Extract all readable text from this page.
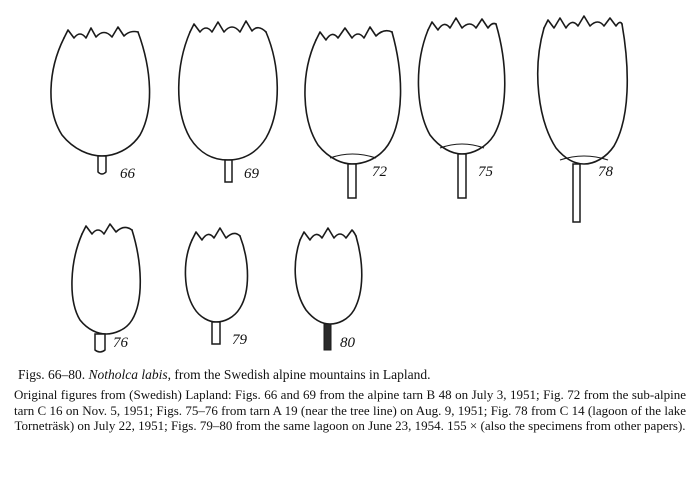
66	69	72	75	78
76	79	80

Figs. 66–80. Notholca labis, from the Swedish alpine mountains in Lapland.

Original figures from (Swedish) Lapland: Figs. 66 and 69 from the alpine tarn B 48 on July 3, 1951; Fig. 72 from the sub-alpine tarn C 16 on Nov. 5, 1951; Figs. 75–76 from tarn A 19 (near the tree line) on Aug. 9, 1951; Fig. 78 from C 14 (lagoon of the lake Torneträsk) on July 22, 1951; Figs. 79–80 from the same lagoon on June 23, 1954. 155 × (also the specimens from other papers).
